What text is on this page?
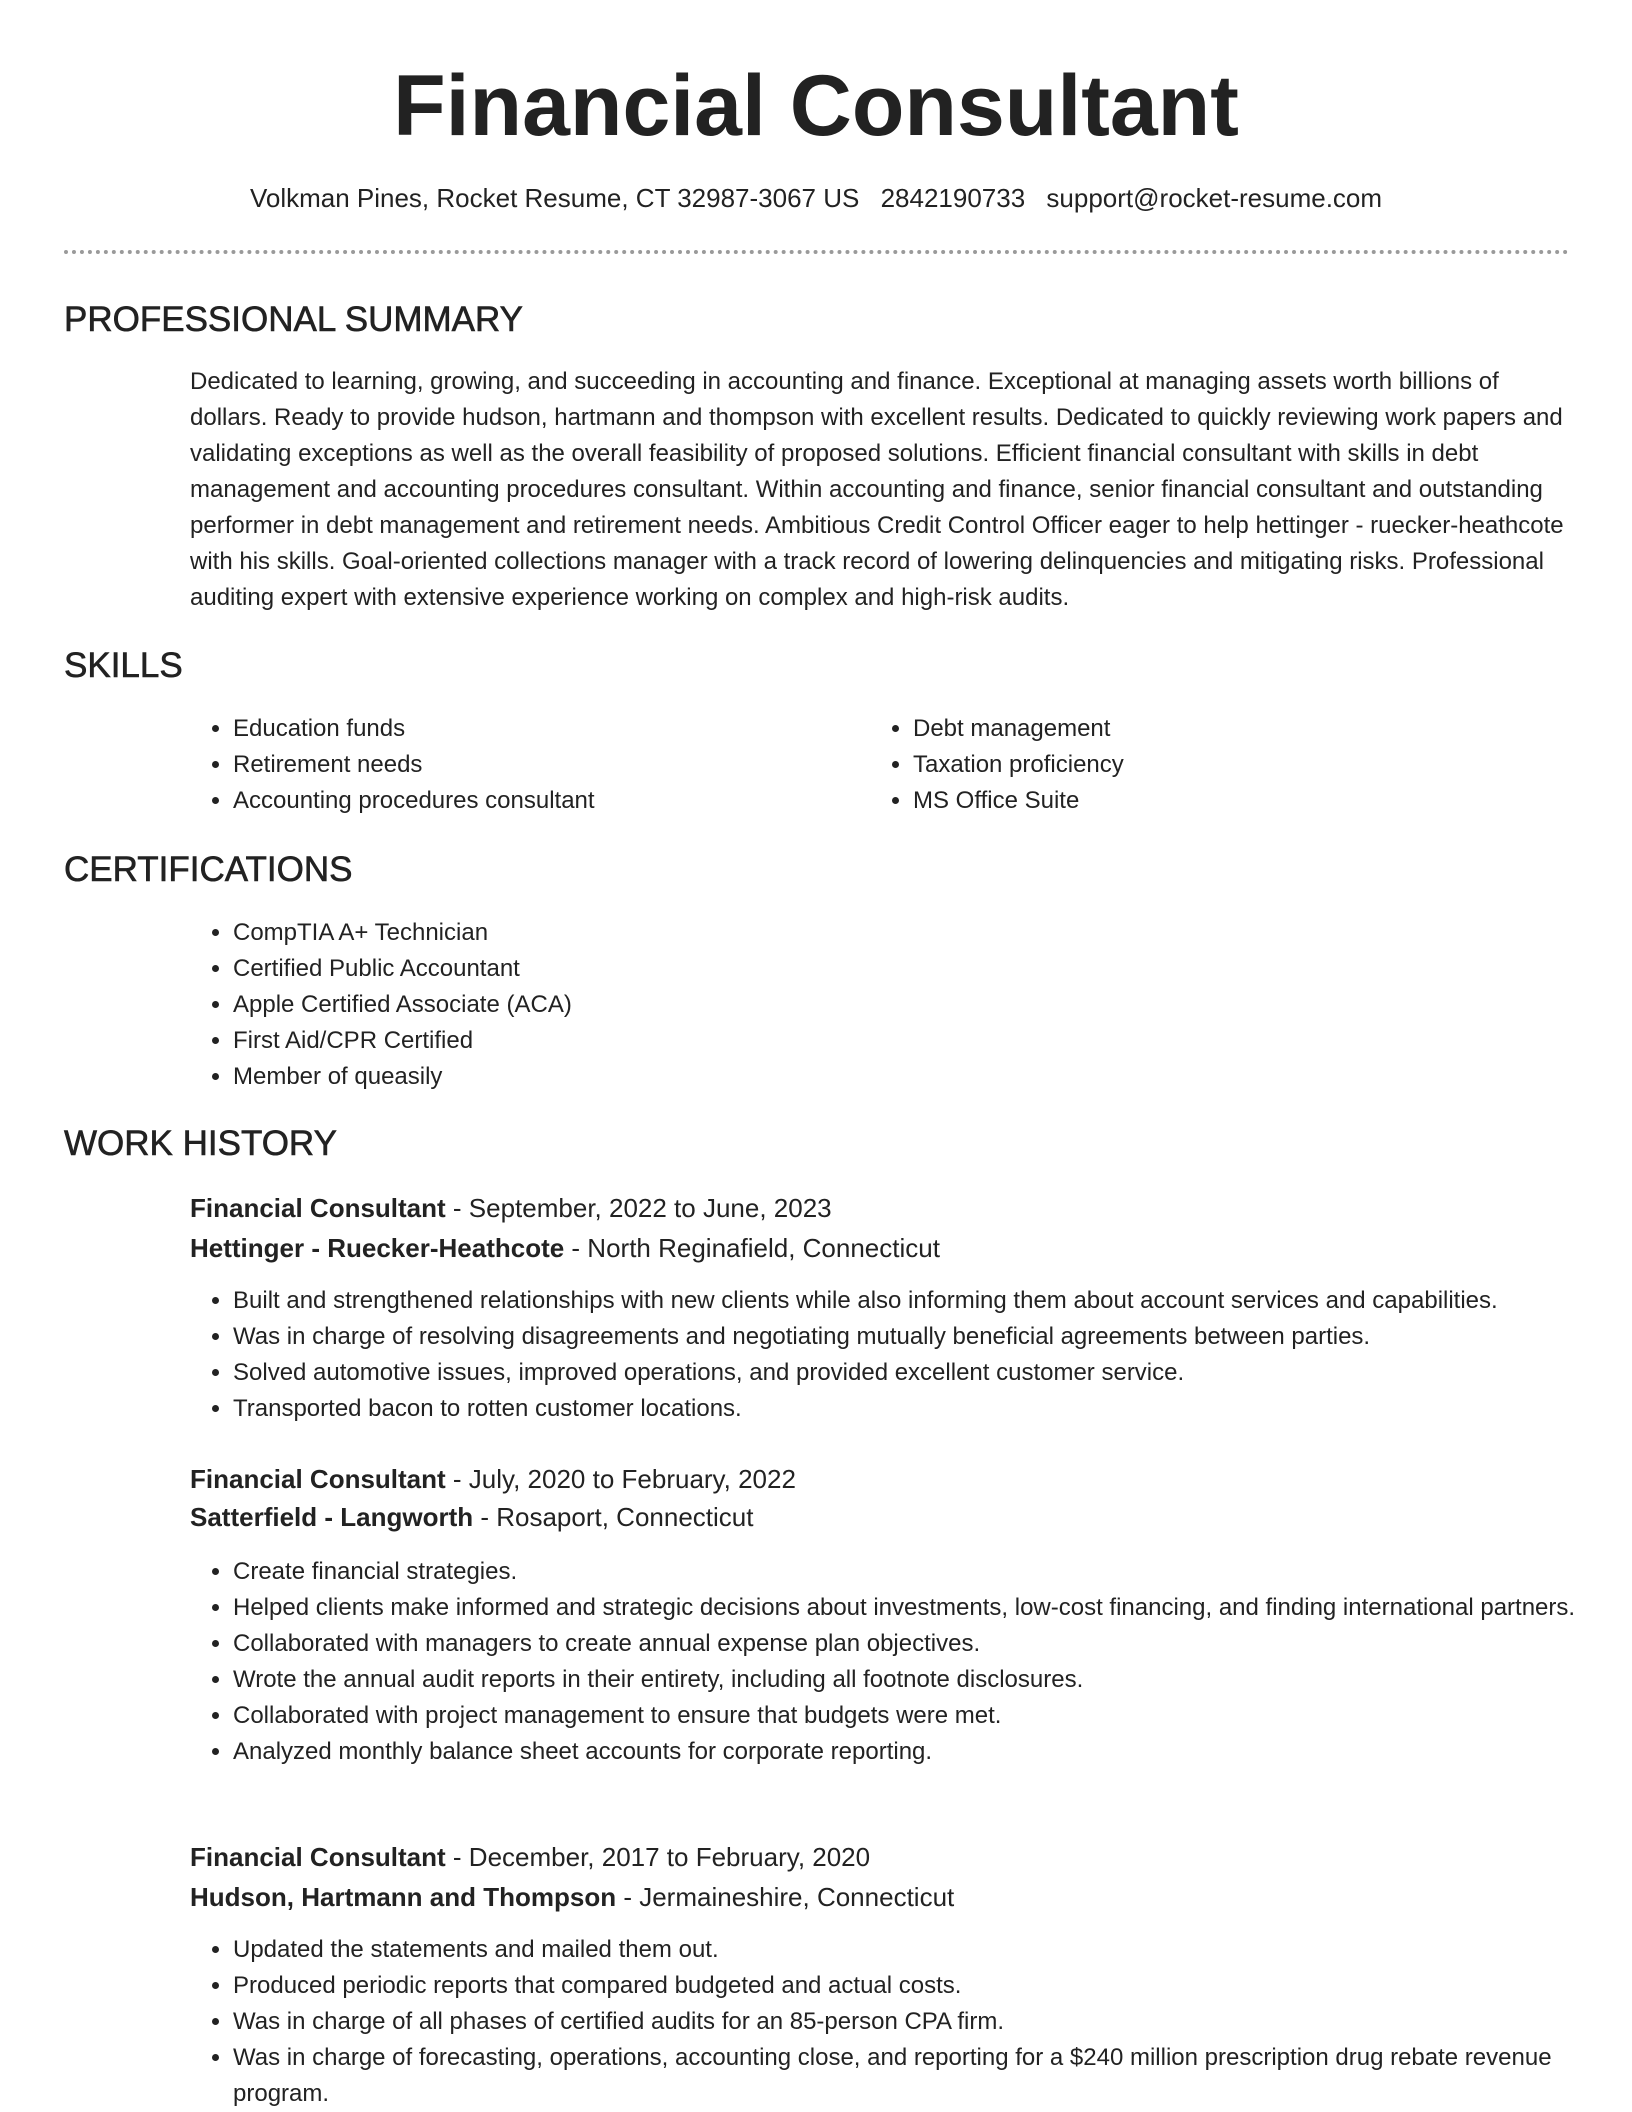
Financial Consultant
Volkman Pines, Rocket Resume, CT 32987-3067 US 2842190733 support@rocket-resume.com
PROFESSIONAL SUMMARY

Dedicated to learning, growing, and succeeding in accounting and finance. Exceptional at managing assets worth billions of dollars. Ready to provide hudson, hartmann and thompson with excellent results. Dedicated to quickly reviewing work papers and validating exceptions as well as the overall feasibility of proposed solutions. Efficient financial consultant with skills in debt management and accounting procedures consultant. Within accounting and finance, senior financial consultant and outstanding performer in debt management and retirement needs. Ambitious Credit Control Officer eager to help hettinger - ruecker-heathcote with his skills. Goal-oriented collections manager with a track record of lowering delinquencies and mitigating risks. Professional auditing expert with extensive experience working on complex and high-risk audits.

SKILLS
• Education funds
• Retirement needs
• Accounting procedures consultant
• Debt management
• Taxation proficiency
• MS Office Suite
CERTIFICATIONS
• CompTIA A+ Technician
• Certified Public Accountant
• Apple Certified Associate (ACA)
• First Aid/CPR Certified
• Member of queasily
WORK HISTORY
Financial Consultant - September, 2022 to June, 2023
Hettinger - Ruecker-Heathcote - North Reginafield, Connecticut
• Built and strengthened relationships with new clients while also informing them about account services and capabilities.
• Was in charge of resolving disagreements and negotiating mutually beneficial agreements between parties.
• Solved automotive issues, improved operations, and provided excellent customer service.
• Transported bacon to rotten customer locations.
Financial Consultant - July, 2020 to February, 2022
Satterfield - Langworth - Rosaport, Connecticut
• Create financial strategies.
• Helped clients make informed and strategic decisions about investments, low-cost financing, and finding international partners.
• Collaborated with managers to create annual expense plan objectives.
• Wrote the annual audit reports in their entirety, including all footnote disclosures.
• Collaborated with project management to ensure that budgets were met.
• Analyzed monthly balance sheet accounts for corporate reporting.
Financial Consultant - December, 2017 to February, 2020
Hudson, Hartmann and Thompson - Jermaineshire, Connecticut
• Updated the statements and mailed them out.
• Produced periodic reports that compared budgeted and actual costs.
• Was in charge of all phases of certified audits for an 85-person CPA firm.
• Was in charge of forecasting, operations, accounting close, and reporting for a $240 million prescription drug rebate revenue program.
